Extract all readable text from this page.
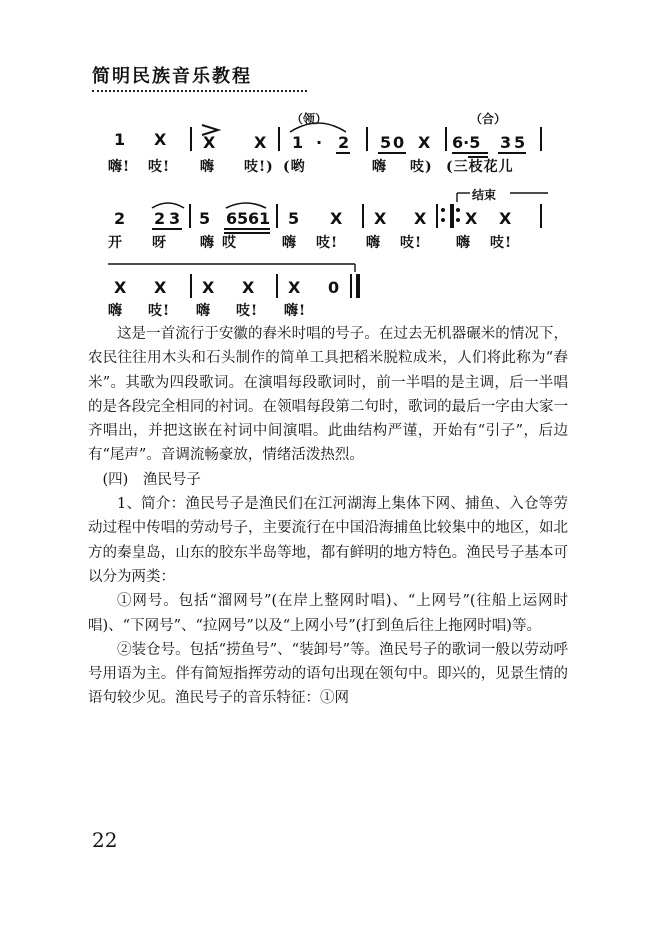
简明民族音乐教程
（领）	（合）
结束
1 X X X 1 · 2 5 0 X 6·5 3 5
嗨! 吱! 嗨 吱!) (哟	嗨 吱) (三枝花儿
2 2 3 5 6 5 6 1 5 X X X X X
开 呀 嗨 哎	嗨 吱! 嗨 吱! 嗨 吱!
X X X X X 0
嗨 吱! 嗨 吱! 嗨!

这是一首流行于安徽的舂米时唱的号子。在过去无机器碾米的情况下，农民往往用木头和石头制作的简单工具把稻米脱粒成米，人们将此称为“舂米”。其歌为四段歌词。在演唱每段歌词时，前一半唱的是主调，后一半唱的是各段完全相同的衬词。在领唱每段第二句时，歌词的最后一字由大家一齐唱出，并把这嵌在衬词中间演唱。此曲结构严谨，开始有“引子”，后边有“尾声”。音调流畅豪放，情绪活泼热烈。

(四)　渔民号子

1、简介：渔民号子是渔民们在江河湖海上集体下网、捕鱼、入仓等劳动过程中传唱的劳动号子，主要流行在中国沿海捕鱼比较集中的地区，如北方的秦皇岛，山东的胶东半岛等地，都有鲜明的地方特色。渔民号子基本可以分为两类：

①网号。包括“溜网号”(在岸上整网时唱)、“上网号”(往船上运网时唱)、“下网号”、“拉网号”以及“上网小号”(打到鱼后往上拖网时唱)等。

②装仓号。包括“捞鱼号”、“装卸号”等。渔民号子的歌词一般以劳动呼号用语为主。伴有简短指挥劳动的语句出现在领句中。即兴的，见景生情的语句较少见。渔民号子的音乐特征：①网

22
